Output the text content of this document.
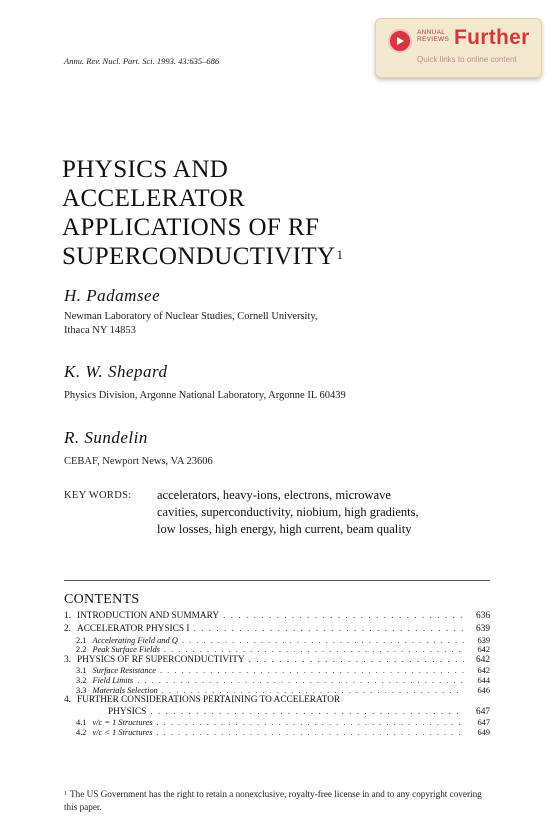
ANNUAL REVIEWS Further
Quick links to online content
Annu. Rev. Nucl. Part. Sci. 1993. 43:635–686
PHYSICS AND
ACCELERATOR
APPLICATIONS OF RF
SUPERCONDUCTIVITY$^1$
H. Padamsee
Newman Laboratory of Nuclear Studies, Cornell University,
Ithaca NY 14853
K. W. Shepard
Physics Division, Argonne National Laboratory, Argonne IL 60439
R. Sundelin
CEBAF, Newport News, VA 23606
KEY WORDS: accelerators, heavy-ions, electrons, microwave
cavities, superconductivity, niobium, high gradients,
low losses, high energy, high current, beam quality
CONTENTS
1. INTRODUCTION AND SUMMARY . . .	636
2. ACCELERATOR PHYSICS I . . .	639
2.1 Accelerating Field and Q . . .	639
2.2 Peak Surface Fields . . .	642
3. PHYSICS OF RF SUPERCONDUCTIVITY . . .	642
3.1 Surface Resistance . . .	642
3.2 Field Limits . . .	644
3.3 Materials Selection . . .	646
4. FURTHER CONSIDERATIONS PERTAINING TO ACCELERATOR
PHYSICS . . .	647
4.1 v/c = 1 Structures . . .	647
4.2 v/c < 1 Structures . . .	649
$^1$ The US Government has the right to retain a nonexclusive, royalty-free license in and to any copyright covering this paper.
